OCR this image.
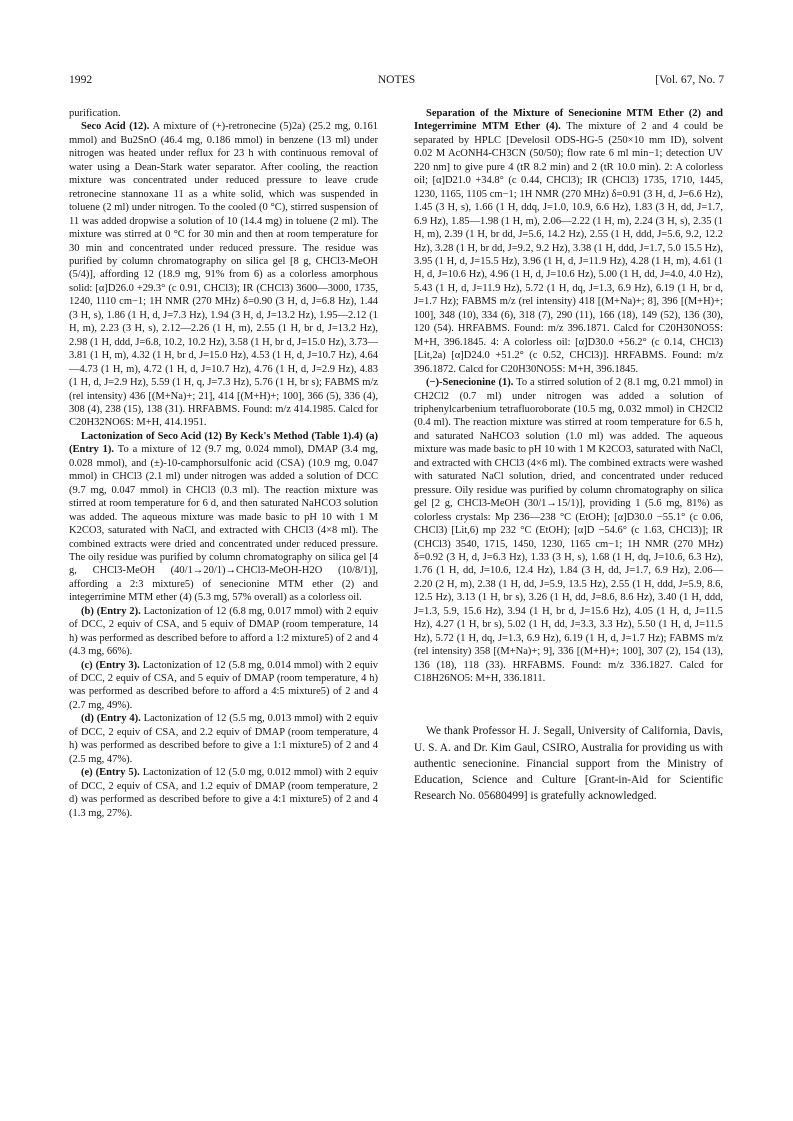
1992	NOTES	[Vol. 67, No. 7

purification.

Seco Acid (12). A mixture of (+)-retronecine (5)2a) (25.2 mg, 0.161 mmol) and Bu2SnO (46.4 mg, 0.186 mmol) in benzene (13 ml) under nitrogen was heated under reflux for 23 h with continuous removal of water using a Dean-Stark water separator. After cooling, the reaction mixture was concentrated under reduced pressure to leave crude retronecine stannoxane 11 as a white solid, which was suspended in toluene (2 ml) under nitrogen. To the cooled (0 °C), stirred suspension of 11 was added dropwise a solution of 10 (14.4 mg) in toluene (2 ml). The mixture was stirred at 0 °C for 30 min and then at room temperature for 30 min and concentrated under reduced pressure. The residue was purified by column chromatography on silica gel [8 g, CHCl3-MeOH (5/4)], affording 12 (18.9 mg, 91% from 6) as a colorless amorphous solid: [α]D26.0 +29.3° (c 0.91, CHCl3); IR (CHCl3) 3600—3000, 1735, 1240, 1110 cm−1; 1H NMR (270 MHz) δ=0.90 (3 H, d, J=6.8 Hz), 1.44 (3 H, s), 1.86 (1 H, d, J=7.3 Hz), 1.94 (3 H, d, J=13.2 Hz), 1.95—2.12 (1 H, m), 2.23 (3 H, s), 2.12—2.26 (1 H, m), 2.55 (1 H, br d, J=13.2 Hz), 2.98 (1 H, ddd, J=6.8, 10.2, 10.2 Hz), 3.58 (1 H, br d, J=15.0 Hz), 3.73—3.81 (1 H, m), 4.32 (1 H, br d, J=15.0 Hz), 4.53 (1 H, d, J=10.7 Hz), 4.64—4.73 (1 H, m), 4.72 (1 H, d, J=10.7 Hz), 4.76 (1 H, d, J=2.9 Hz), 4.83 (1 H, d, J=2.9 Hz), 5.59 (1 H, q, J=7.3 Hz), 5.76 (1 H, br s); FABMS m/z (rel intensity) 436 [(M+Na)+; 21], 414 [(M+H)+; 100], 366 (5), 336 (4), 308 (4), 238 (15), 138 (31). HRFABMS. Found: m/z 414.1985. Calcd for C20H32NO6S: M+H, 414.1951.

Lactonization of Seco Acid (12) By Keck's Method (Table 1).4) (a) (Entry 1). To a mixture of 12 (9.7 mg, 0.024 mmol), DMAP (3.4 mg, 0.028 mmol), and (±)-10-camphorsulfonic acid (CSA) (10.9 mg, 0.047 mmol) in CHCl3 (2.1 ml) under nitrogen was added a solution of DCC (9.7 mg, 0.047 mmol) in CHCl3 (0.3 ml). The reaction mixture was stirred at room temperature for 6 d, and then saturated NaHCO3 solution was added. The aqueous mixture was made basic to pH 10 with 1 M K2CO3, saturated with NaCl, and extracted with CHCl3 (4×8 ml). The combined extracts were dried and concentrated under reduced pressure. The oily residue was purified by column chromatography on silica gel [4 g, CHCl3-MeOH (40/1→20/1)→CHCl3-MeOH-H2O (10/8/1)], affording a 2:3 mixture5) of senecionine MTM ether (2) and integerrimine MTM ether (4) (5.3 mg, 57% overall) as a colorless oil.

(b) (Entry 2). Lactonization of 12 (6.8 mg, 0.017 mmol) with 2 equiv of DCC, 2 equiv of CSA, and 5 equiv of DMAP (room temperature, 14 h) was performed as described before to afford a 1:2 mixture5) of 2 and 4 (4.3 mg, 66%).

(c) (Entry 3). Lactonization of 12 (5.8 mg, 0.014 mmol) with 2 equiv of DCC, 2 equiv of CSA, and 5 equiv of DMAP (room temperature, 4 h) was performed as described before to afford a 4:5 mixture5) of 2 and 4 (2.7 mg, 49%).

(d) (Entry 4). Lactonization of 12 (5.5 mg, 0.013 mmol) with 2 equiv of DCC, 2 equiv of CSA, and 2.2 equiv of DMAP (room temperature, 4 h) was performed as described before to give a 1:1 mixture5) of 2 and 4 (2.5 mg, 47%).

(e) (Entry 5). Lactonization of 12 (5.0 mg, 0.012 mmol) with 2 equiv of DCC, 2 equiv of CSA, and 1.2 equiv of DMAP (room temperature, 2 d) was performed as described before to give a 4:1 mixture5) of 2 and 4 (1.3 mg, 27%).

Separation of the Mixture of Senecionine MTM Ether (2) and Integerrimine MTM Ether (4). The mixture of 2 and 4 could be separated by HPLC [Develosil ODS-HG-5 (250×10 mm ID), solvent 0.02 M AcONH4-CH3CN (50/50); flow rate 6 ml min−1; detection UV 220 nm] to give pure 4 (tR 8.2 min) and 2 (tR 10.0 min). 2: A colorless oil; [α]D21.0 +34.8° (c 0.44, CHCl3); IR (CHCl3) 1735, 1710, 1445, 1230, 1165, 1105 cm−1; 1H NMR (270 MHz) δ=0.91 (3 H, d, J=6.6 Hz), 1.45 (3 H, s), 1.66 (1 H, ddq, J=1.0, 10.9, 6.6 Hz), 1.83 (3 H, dd, J=1.7, 6.9 Hz), 1.85—1.98 (1 H, m), 2.06—2.22 (1 H, m), 2.24 (3 H, s), 2.35 (1 H, m), 2.39 (1 H, br dd, J=5.6, 14.2 Hz), 2.55 (1 H, ddd, J=5.6, 9.2, 12.2 Hz), 3.28 (1 H, br dd, J=9.2, 9.2 Hz), 3.38 (1 H, ddd, J=1.7, 5.0 15.5 Hz), 3.95 (1 H, d, J=15.5 Hz), 3.96 (1 H, d, J=11.9 Hz), 4.28 (1 H, m), 4.61 (1 H, d, J=10.6 Hz), 4.96 (1 H, d, J=10.6 Hz), 5.00 (1 H, dd, J=4.0, 4.0 Hz), 5.43 (1 H, d, J=11.9 Hz), 5.72 (1 H, dq, J=1.3, 6.9 Hz), 6.19 (1 H, br d, J=1.7 Hz); FABMS m/z (rel intensity) 418 [(M+Na)+; 8], 396 [(M+H)+; 100], 348 (10), 334 (6), 318 (7), 290 (11), 166 (18), 149 (52), 136 (30), 120 (54). HRFABMS. Found: m/z 396.1871. Calcd for C20H30NO5S: M+H, 396.1845. 4: A colorless oil: [α]D30.0 +56.2° (c 0.14, CHCl3) [Lit,2a) [α]D24.0 +51.2° (c 0.52, CHCl3)]. HRFABMS. Found: m/z 396.1872. Calcd for C20H30NO5S: M+H, 396.1845.

(−)-Senecionine (1). To a stirred solution of 2 (8.1 mg, 0.21 mmol) in CH2Cl2 (0.7 ml) under nitrogen was added a solution of triphenylcarbenium tetrafluoroborate (10.5 mg, 0.032 mmol) in CH2Cl2 (0.4 ml). The reaction mixture was stirred at room temperature for 6.5 h, and saturated NaHCO3 solution (1.0 ml) was added. The aqueous mixture was made basic to pH 10 with 1 M K2CO3, saturated with NaCl, and extracted with CHCl3 (4×6 ml). The combined extracts were washed with saturated NaCl solution, dried, and concentrated under reduced pressure. Oily residue was purified by column chromatography on silica gel [2 g, CHCl3-MeOH (30/1→15/1)], providing 1 (5.6 mg, 81%) as colorless crystals: Mp 236—238 °C (EtOH); [α]D30.0 −55.1° (c 0.06, CHCl3) [Lit,6) mp 232 °C (EtOH); [α]D −54.6° (c 1.63, CHCl3)]; IR (CHCl3) 3540, 1715, 1450, 1230, 1165 cm−1; 1H NMR (270 MHz) δ=0.92 (3 H, d, J=6.3 Hz), 1.33 (3 H, s), 1.68 (1 H, dq, J=10.6, 6.3 Hz), 1.76 (1 H, dd, J=10.6, 12.4 Hz), 1.84 (3 H, dd, J=1.7, 6.9 Hz), 2.06—2.20 (2 H, m), 2.38 (1 H, dd, J=5.9, 13.5 Hz), 2.55 (1 H, ddd, J=5.9, 8.6, 12.5 Hz), 3.13 (1 H, br s), 3.26 (1 H, dd, J=8.6, 8.6 Hz), 3.40 (1 H, ddd, J=1.3, 5.9, 15.6 Hz), 3.94 (1 H, br d, J=15.6 Hz), 4.05 (1 H, d, J=11.5 Hz), 4.27 (1 H, br s), 5.02 (1 H, dd, J=3.3, 3.3 Hz), 5.50 (1 H, d, J=11.5 Hz), 5.72 (1 H, dq, J=1.3, 6.9 Hz), 6.19 (1 H, d, J=1.7 Hz); FABMS m/z (rel intensity) 358 [(M+Na)+; 9], 336 [(M+H)+; 100], 307 (2), 154 (13), 136 (18), 118 (33). HRFABMS. Found: m/z 336.1827. Calcd for C18H26NO5: M+H, 336.1811.

We thank Professor H. J. Segall, University of California, Davis, U. S. A. and Dr. Kim Gaul, CSIRO, Australia for providing us with authentic senecionine. Financial support from the Ministry of Education, Science and Culture [Grant-in-Aid for Scientific Research No. 05680499] is gratefully acknowledged.
